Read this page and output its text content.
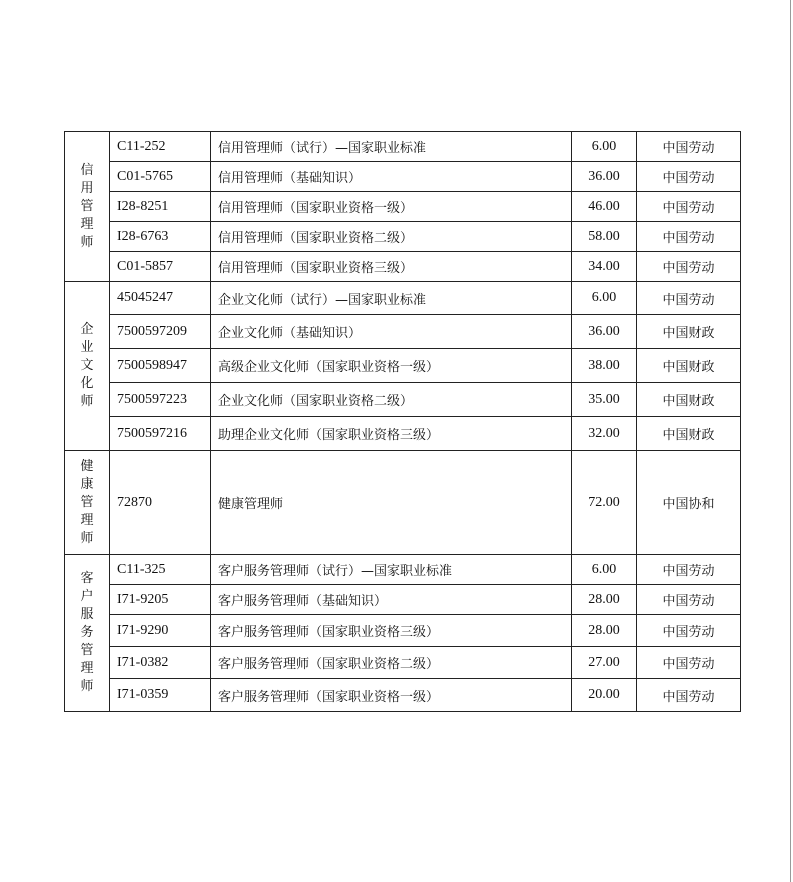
信用管理师	C11-252	信用管理师（试行）—国家职业标准	6.00	中国劳动
	C01-5765	信用管理师（基础知识）	36.00	中国劳动
	I28-8251	信用管理师（国家职业资格一级）	46.00	中国劳动
	I28-6763	信用管理师（国家职业资格二级）	58.00	中国劳动
	C01-5857	信用管理师（国家职业资格三级）	34.00	中国劳动
企业文化师	45045247	企业文化师（试行）—国家职业标准	6.00	中国劳动
	7500597209	企业文化师（基础知识）	36.00	中国财政
	7500598947	高级企业文化师（国家职业资格一级）	38.00	中国财政
	7500597223	企业文化师（国家职业资格二级）	35.00	中国财政
	7500597216	助理企业文化师（国家职业资格三级）	32.00	中国财政
健康管理师	72870	健康管理师	72.00	中国协和
客户服务管理师	C11-325	客户服务管理师（试行）—国家职业标准	6.00	中国劳动
	I71-9205	客户服务管理师（基础知识）	28.00	中国劳动
	I71-9290	客户服务管理师（国家职业资格三级）	28.00	中国劳动
	I71-0382	客户服务管理师（国家职业资格二级）	27.00	中国劳动
	I71-0359	客户服务管理师（国家职业资格一级）	20.00	中国劳动
